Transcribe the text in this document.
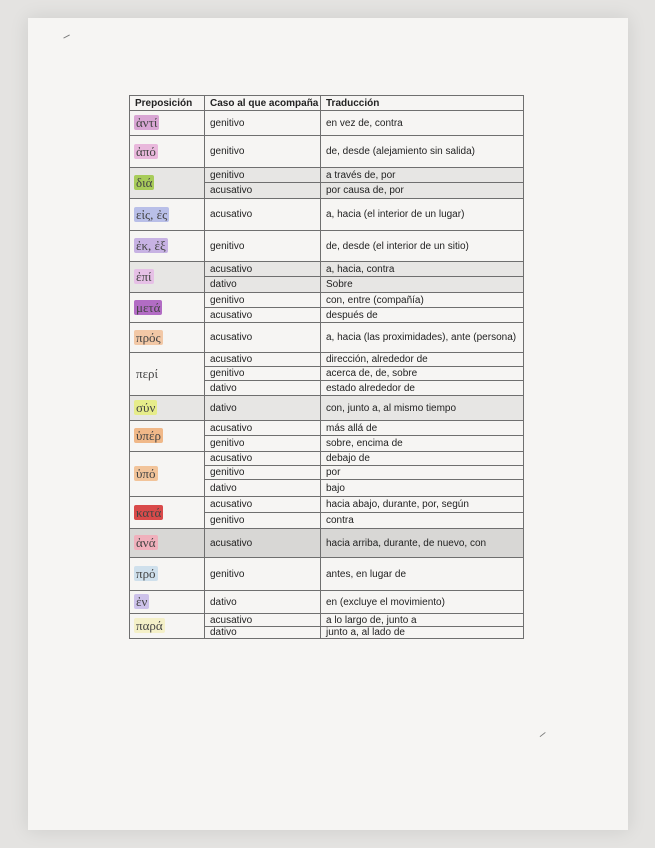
−
−
Preposición	Caso al que acompaña	Traducción
ἀντί	genitivo	en vez de, contra
ἀπό	genitivo	de, desde (alejamiento sin salida)
διά	genitivo	a través de, por
	acusativo	por causa de, por
εἰς, ἐς	acusativo	a, hacia (el interior de un lugar)
ἐκ, ἐξ	genitivo	de, desde (el interior de un sitio)
ἐπί	acusativo	a, hacia, contra
	dativo	Sobre
μετά	genitivo	con, entre (compañía)
	acusativo	después de
πρός	acusativo	a, hacia (las proximidades), ante (persona)
περί	acusativo	dirección, alrededor de
	genitivo	acerca de, de, sobre
	dativo	estado alrededor de
σύν	dativo	con, junto a, al mismo tiempo
ὑπέρ	acusativo	más allá de
	genitivo	sobre, encima de
ὑπό	acusativo	debajo de
	genitivo	por
	dativo	bajo
κατά	acusativo	hacia abajo, durante, por, según
	genitivo	contra
ἀνά	acusativo	hacia arriba, durante, de nuevo, con
πρό	genitivo	antes, en lugar de
ἐν	dativo	en (excluye el movimiento)
παρά	acusativo	a lo largo de, junto a
	dativo	junto a, al lado de
